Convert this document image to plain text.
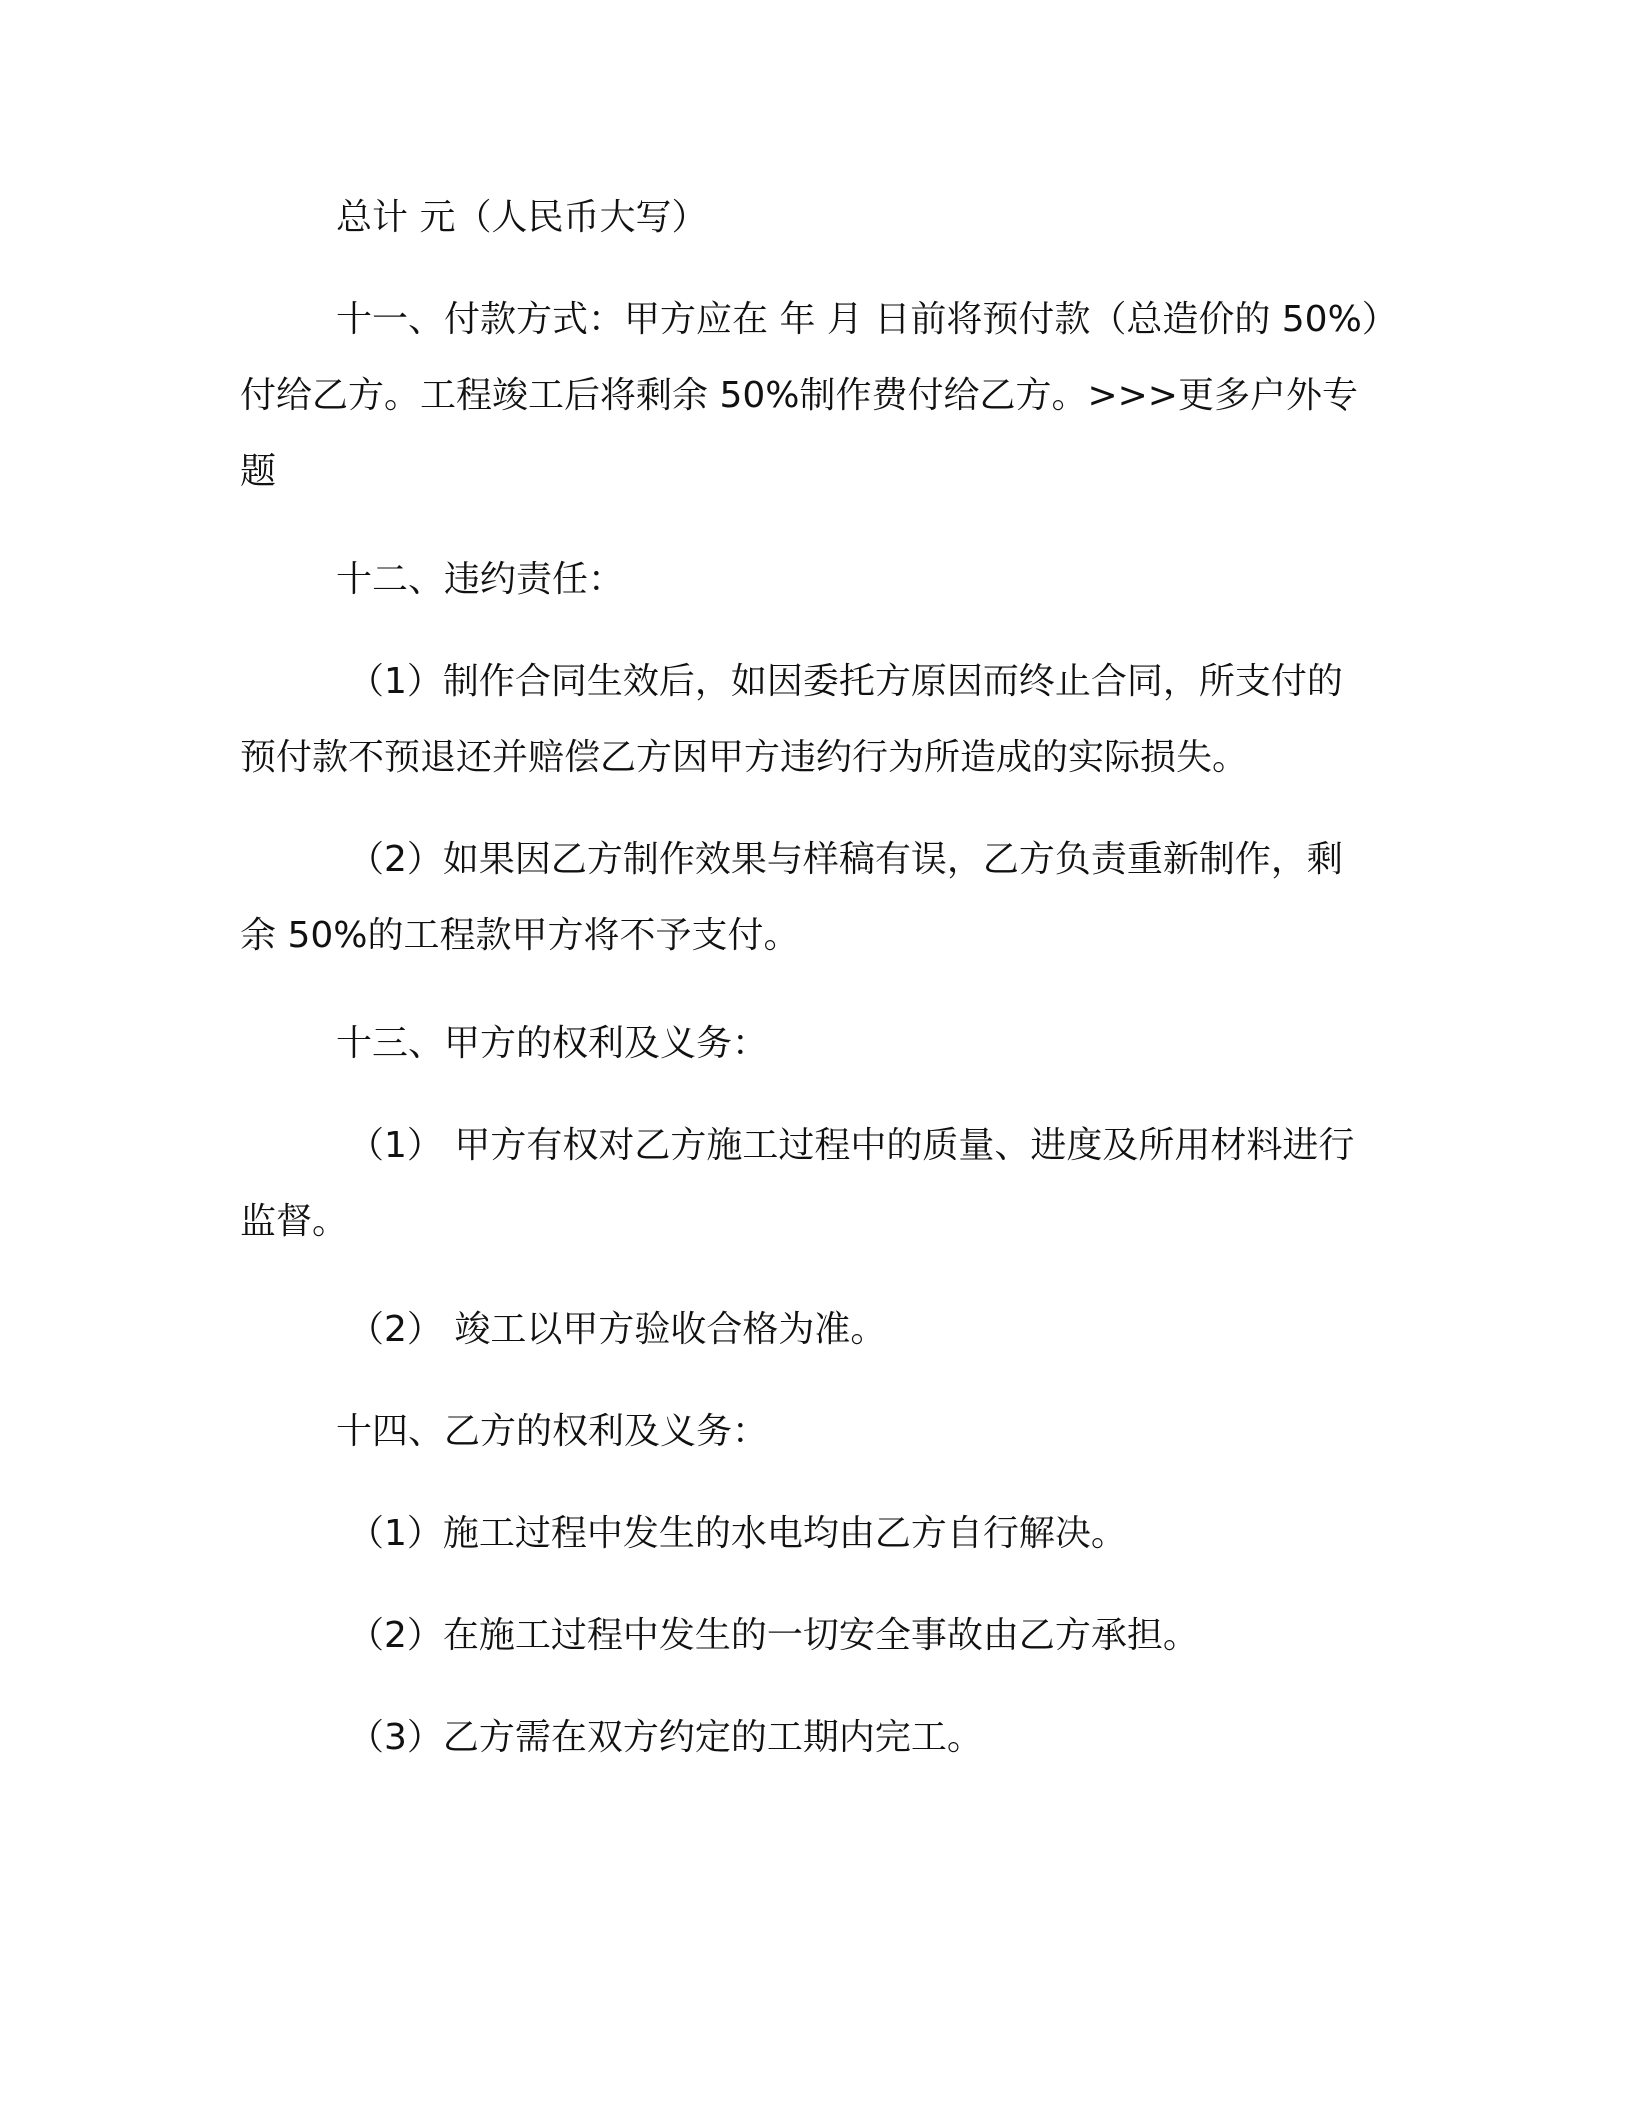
总计 元（人民币大写）
十一、付款方式：甲方应在 年 月 日前将预付款（总造价的 50%）
付给乙方。工程竣工后将剩余 50%制作费付给乙方。>>>更多户外专
题
十二、违约责任：
（1）制作合同生效后，如因委托方原因而终止合同，所支付的
预付款不预退还并赔偿乙方因甲方违约行为所造成的实际损失。
（2）如果因乙方制作效果与样稿有误，乙方负责重新制作，剩
余 50%的工程款甲方将不予支付。
十三、甲方的权利及义务：
（1） 甲方有权对乙方施工过程中的质量、进度及所用材料进行
监督。
（2） 竣工以甲方验收合格为准。
十四、乙方的权利及义务：
（1）施工过程中发生的水电均由乙方自行解决。
（2）在施工过程中发生的一切安全事故由乙方承担。
（3）乙方需在双方约定的工期内完工。
